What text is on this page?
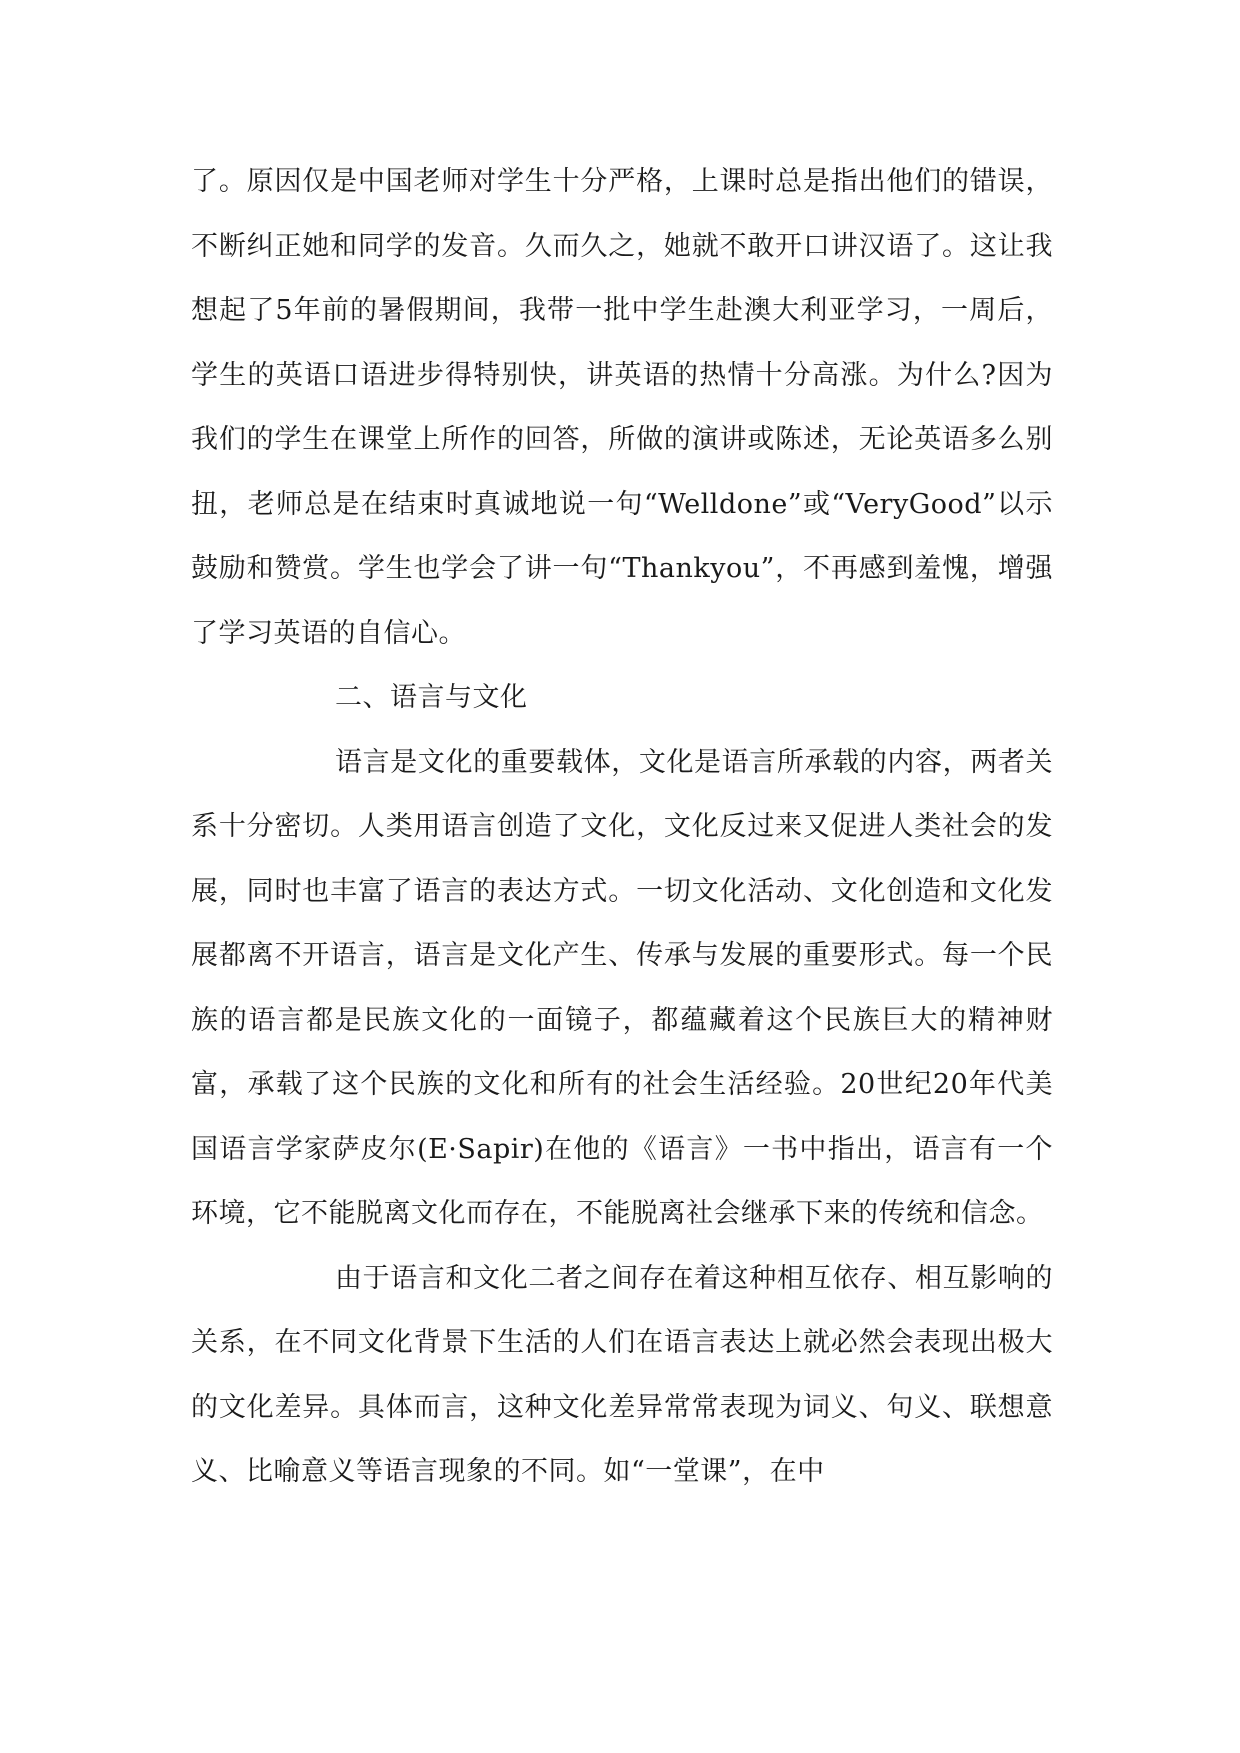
了。原因仅是中国老师对学生十分严格，上课时总是指出他们的错误，不断纠正她和同学的发音。久而久之，她就不敢开口讲汉语了。这让我想起了5年前的暑假期间，我带一批中学生赴澳大利亚学习，一周后，学生的英语口语进步得特别快，讲英语的热情十分高涨。为什么?因为我们的学生在课堂上所作的回答，所做的演讲或陈述，无论英语多么别扭，老师总是在结束时真诚地说一句“Welldone”或“VeryGood”以示鼓励和赞赏。学生也学会了讲一句“Thankyou”，不再感到羞愧，增强了学习英语的自信心。

二、语言与文化

语言是文化的重要载体，文化是语言所承载的内容，两者关系十分密切。人类用语言创造了文化，文化反过来又促进人类社会的发展，同时也丰富了语言的表达方式。一切文化活动、文化创造和文化发展都离不开语言，语言是文化产生、传承与发展的重要形式。每一个民族的语言都是民族文化的一面镜子，都蕴藏着这个民族巨大的精神财富，承载了这个民族的文化和所有的社会生活经验。20世纪20年代美国语言学家萨皮尔(E·Sapir)在他的《语言》一书中指出，语言有一个环境，它不能脱离文化而存在，不能脱离社会继承下来的传统和信念。

由于语言和文化二者之间存在着这种相互依存、相互影响的关系，在不同文化背景下生活的人们在语言表达上就必然会表现出极大的文化差异。具体而言，这种文化差异常常表现为词义、句义、联想意义、比喻意义等语言现象的不同。如“一堂课”，在中
